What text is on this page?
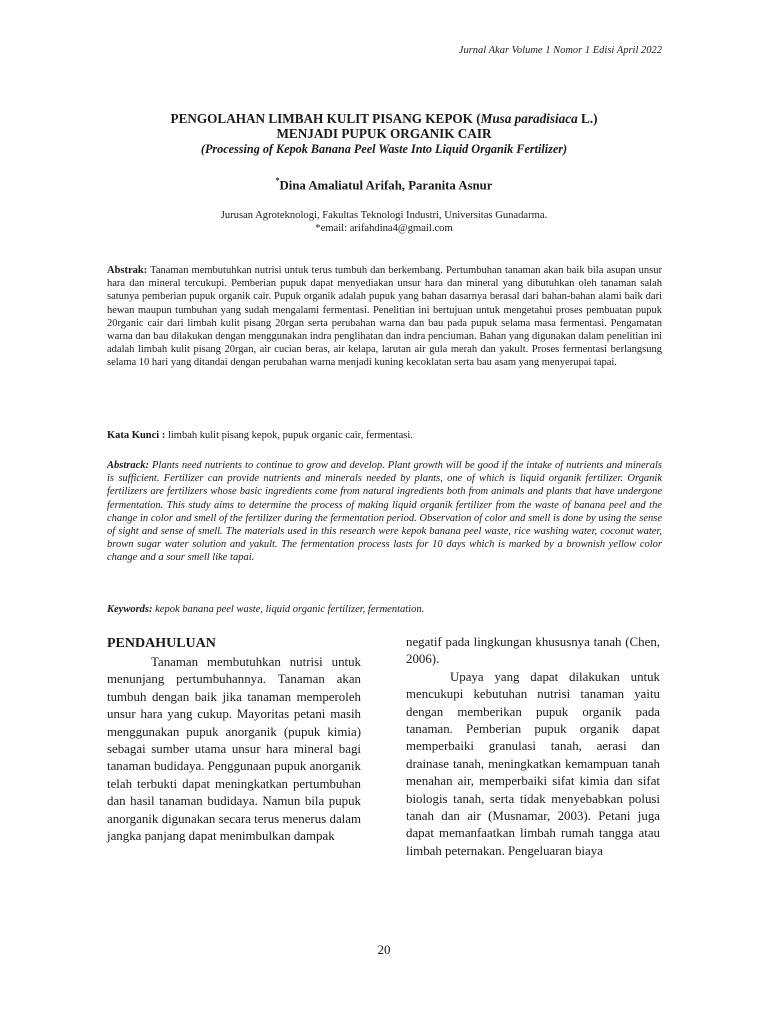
Jurnal Akar Volume 1 Nomor 1 Edisi April 2022
PENGOLAHAN LIMBAH KULIT PISANG KEPOK (Musa paradisiaca L.)
MENJADI PUPUK ORGANIK CAIR
(Processing of Kepok Banana Peel Waste Into Liquid Organik Fertilizer)
*Dina Amaliatul Arifah, Paranita Asnur
Jurusan Agroteknologi, Fakultas Teknologi Industri, Universitas Gunadarma.
*email: arifahdina4@gmail.com
Abstrak: Tanaman membutuhkan nutrisi untuk terus tumbuh dan berkembang. Pertumbuhan tanaman akan baik bila asupan unsur hara dan mineral tercukupi. Pemberian pupuk dapat menyediakan unsur hara dan mineral yang dibutuhkan oleh tanaman salah satunya pemberian pupuk organik cair. Pupuk organik adalah pupuk yang bahan dasarnya berasal dari bahan-bahan alami baik dari hewan maupun tumbuhan yang sudah mengalami fermentasi. Penelitian ini bertujuan untuk mengetahui proses pembuatan pupuk 20rganic cair dari limbah kulit pisang 20rgan serta perubahan warna dan bau pada pupuk selama masa fermentasi. Pengamatan warna dan bau dilakukan dengan menggunakan indra penglihatan dan indra penciuman. Bahan yang digunakan dalam penelitian ini adalah limbah kulit pisang 20rgan, air cucian beras, air kelapa, larutan air gula merah dan yakult. Proses fermentasi berlangsung selama 10 hari yang ditandai dengan perubahan warna menjadi kuning kecoklatan serta bau asam yang menyerupai tapai.
Kata Kunci : limbah kulit pisang kepok, pupuk organic cair, fermentasi.
Abstrack: Plants need nutrients to continue to grow and develop. Plant growth will be good if the intake of nutrients and minerals is sufficient. Fertilizer can provide nutrients and minerals needed by plants, one of which is liquid organik fertilizer. Organik fertilizers are fertilizers whose basic ingredients come from natural ingredients both from animals and plants that have undergone fermentation. This study aims to determine the process of making liquid organik fertilizer from the waste of banana peel and the change in color and smell of the fertilizer during the fermentation period. Observation of color and smell is done by using the sense of sight and sense of smell. The materials used in this research were kepok banana peel waste, rice washing water, coconut water, brown sugar water solution and yakult. The fermentation process lasts for 10 days which is marked by a brownish yellow color change and a sour smell like tapai.
Keywords: kepok banana peel waste, liquid organic fertilizer, fermentation.
PENDAHULUAN

Tanaman membutuhkan nutrisi untuk menunjang pertumbuhannya. Tanaman akan tumbuh dengan baik jika tanaman memperoleh unsur hara yang cukup. Mayoritas petani masih menggunakan pupuk anorganik (pupuk kimia) sebagai sumber utama unsur hara mineral bagi tanaman budidaya. Penggunaan pupuk anorganik telah terbukti dapat meningkatkan pertumbuhan dan hasil tanaman budidaya. Namun bila pupuk anorganik digunakan secara terus menerus dalam jangka panjang dapat menimbulkan dampak

negatif pada lingkungan khususnya tanah (Chen, 2006).

Upaya yang dapat dilakukan untuk mencukupi kebutuhan nutrisi tanaman yaitu dengan memberikan pupuk organik pada tanaman. Pemberian pupuk organik dapat memperbaiki granulasi tanah, aerasi dan drainase tanah, meningkatkan kemampuan tanah menahan air, memperbaiki sifat kimia dan sifat biologis tanah, serta tidak menyebabkan polusi tanah dan air (Musnamar, 2003). Petani juga dapat memanfaatkan limbah rumah tangga atau limbah peternakan. Pengeluaran biaya

20
